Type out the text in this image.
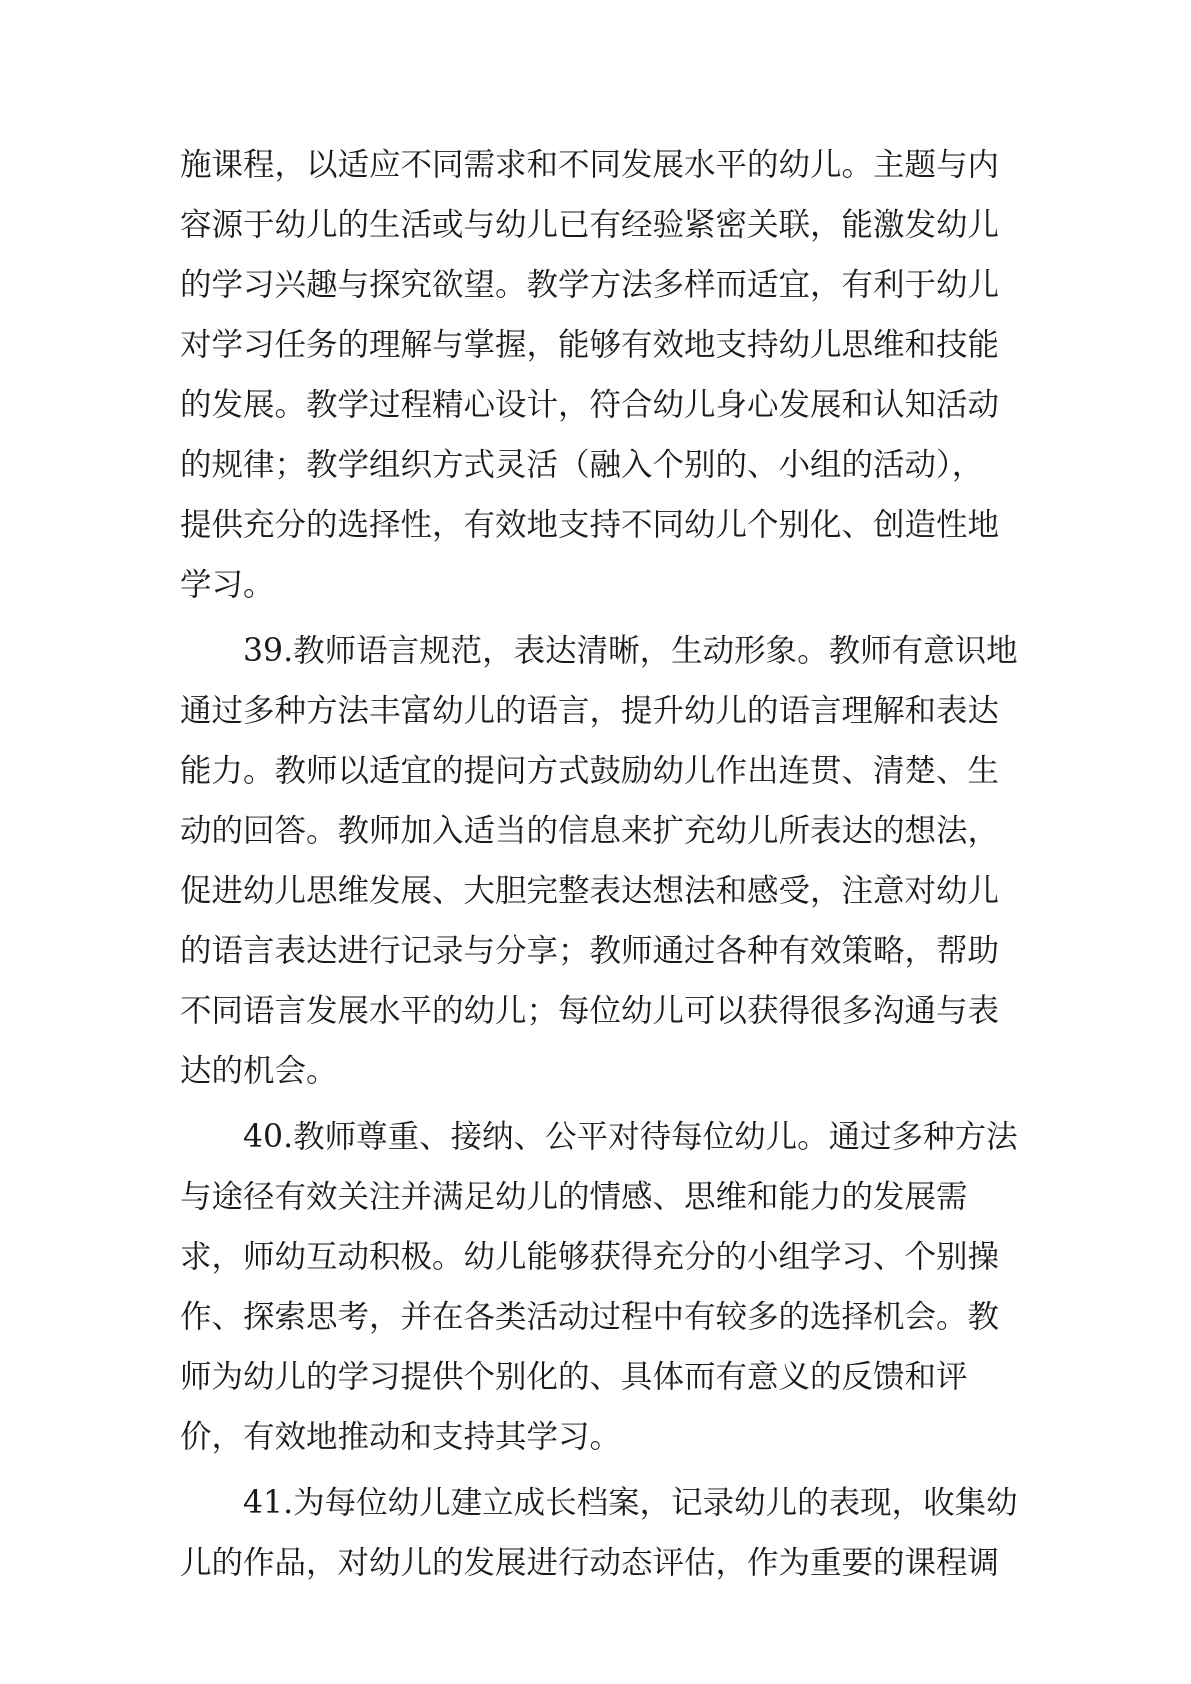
施课程，以适应不同需求和不同发展水平的幼儿。主题与内
容源于幼儿的生活或与幼儿已有经验紧密关联，能激发幼儿
的学习兴趣与探究欲望。教学方法多样而适宜，有利于幼儿
对学习任务的理解与掌握，能够有效地支持幼儿思维和技能
的发展。教学过程精心设计，符合幼儿身心发展和认知活动
的规律；教学组织方式灵活（融入个别的、小组的活动），
提供充分的选择性，有效地支持不同幼儿个别化、创造性地
学习。
39.教师语言规范，表达清晰，生动形象。教师有意识地
通过多种方法丰富幼儿的语言，提升幼儿的语言理解和表达
能力。教师以适宜的提问方式鼓励幼儿作出连贯、清楚、生
动的回答。教师加入适当的信息来扩充幼儿所表达的想法，
促进幼儿思维发展、大胆完整表达想法和感受，注意对幼儿
的语言表达进行记录与分享；教师通过各种有效策略，帮助
不同语言发展水平的幼儿；每位幼儿可以获得很多沟通与表
达的机会。
40.教师尊重、接纳、公平对待每位幼儿。通过多种方法
与途径有效关注并满足幼儿的情感、思维和能力的发展需
求，师幼互动积极。幼儿能够获得充分的小组学习、个别操
作、探索思考，并在各类活动过程中有较多的选择机会。教
师为幼儿的学习提供个别化的、具体而有意义的反馈和评
价，有效地推动和支持其学习。
41.为每位幼儿建立成长档案，记录幼儿的表现，收集幼
儿的作品，对幼儿的发展进行动态评估，作为重要的课程调
